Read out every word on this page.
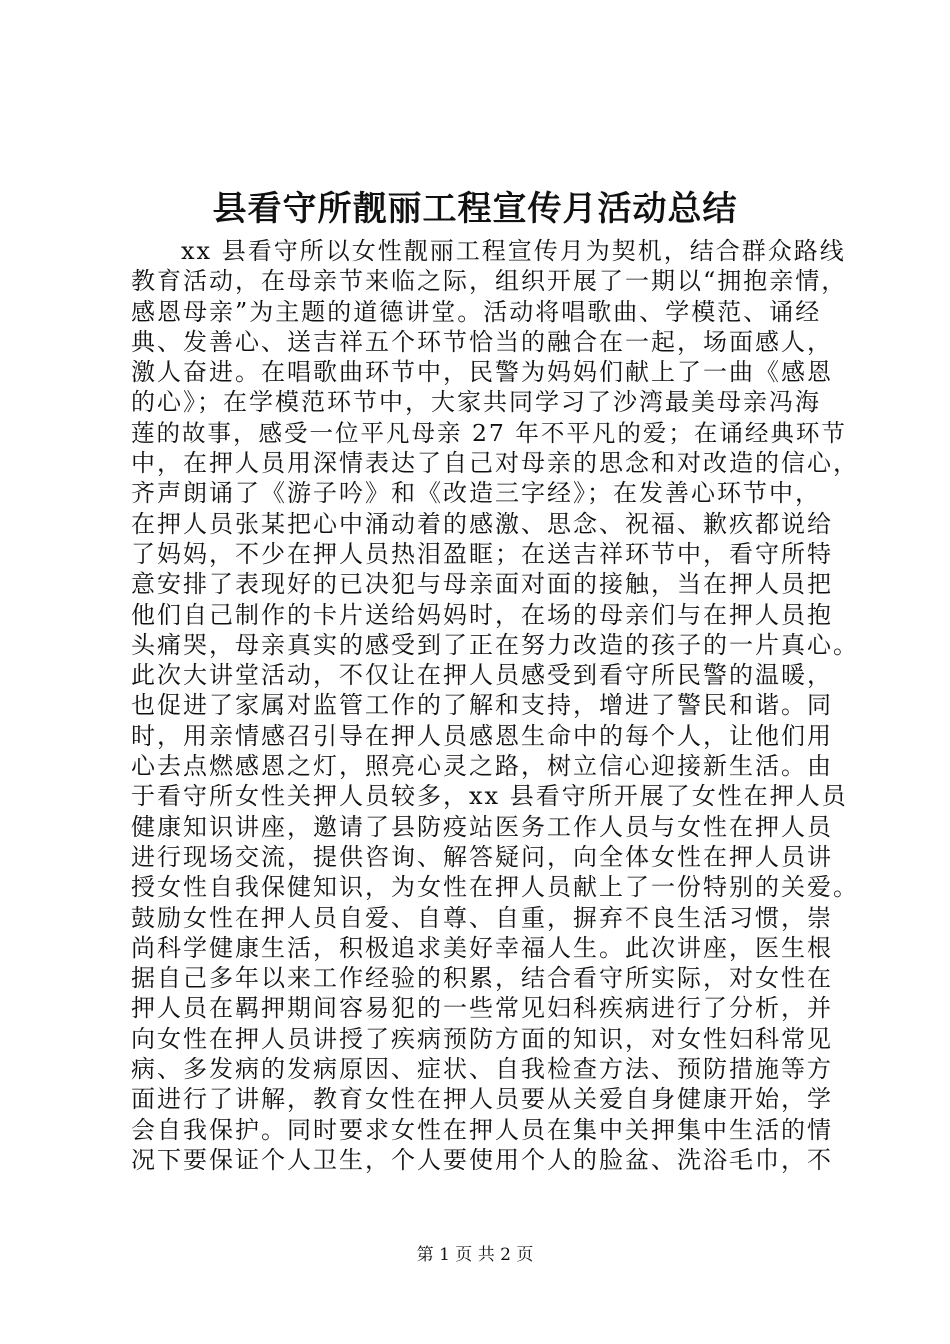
县看守所靓丽工程宣传月活动总结
xx 县看守所以女性靓丽工程宣传月为契机，结合群众路线
教育活动，在母亲节来临之际，组织开展了一期以“拥抱亲情，
感恩母亲”为主题的道德讲堂。活动将唱歌曲、学模范、诵经
典、发善心、送吉祥五个环节恰当的融合在一起，场面感人，
激人奋进。在唱歌曲环节中，民警为妈妈们献上了一曲《感恩
的心》；在学模范环节中，大家共同学习了沙湾最美母亲冯海
莲的故事，感受一位平凡母亲 27 年不平凡的爱；在诵经典环节
中，在押人员用深情表达了自己对母亲的思念和对改造的信心，
齐声朗诵了《游子吟》和《改造三字经》；在发善心环节中，
在押人员张某把心中涌动着的感激、思念、祝福、歉疚都说给
了妈妈，不少在押人员热泪盈眶；在送吉祥环节中，看守所特
意安排了表现好的已决犯与母亲面对面的接触，当在押人员把
他们自己制作的卡片送给妈妈时，在场的母亲们与在押人员抱
头痛哭，母亲真实的感受到了正在努力改造的孩子的一片真心。
此次大讲堂活动，不仅让在押人员感受到看守所民警的温暖，
也促进了家属对监管工作的了解和支持，增进了警民和谐。同
时，用亲情感召引导在押人员感恩生命中的每个人，让他们用
心去点燃感恩之灯，照亮心灵之路，树立信心迎接新生活。由
于看守所女性关押人员较多，xx 县看守所开展了女性在押人员
健康知识讲座，邀请了县防疫站医务工作人员与女性在押人员
进行现场交流，提供咨询、解答疑问，向全体女性在押人员讲
授女性自我保健知识，为女性在押人员献上了一份特别的关爱。
鼓励女性在押人员自爱、自尊、自重，摒弃不良生活习惯，崇
尚科学健康生活，积极追求美好幸福人生。此次讲座，医生根
据自己多年以来工作经验的积累，结合看守所实际，对女性在
押人员在羁押期间容易犯的一些常见妇科疾病进行了分析，并
向女性在押人员讲授了疾病预防方面的知识，对女性妇科常见
病、多发病的发病原因、症状、自我检查方法、预防措施等方
面进行了讲解，教育女性在押人员要从关爱自身健康开始，学
会自我保护。同时要求女性在押人员在集中关押集中生活的情
况下要保证个人卫生，个人要使用个人的脸盆、洗浴毛巾，不
第 1 页 共 2 页
